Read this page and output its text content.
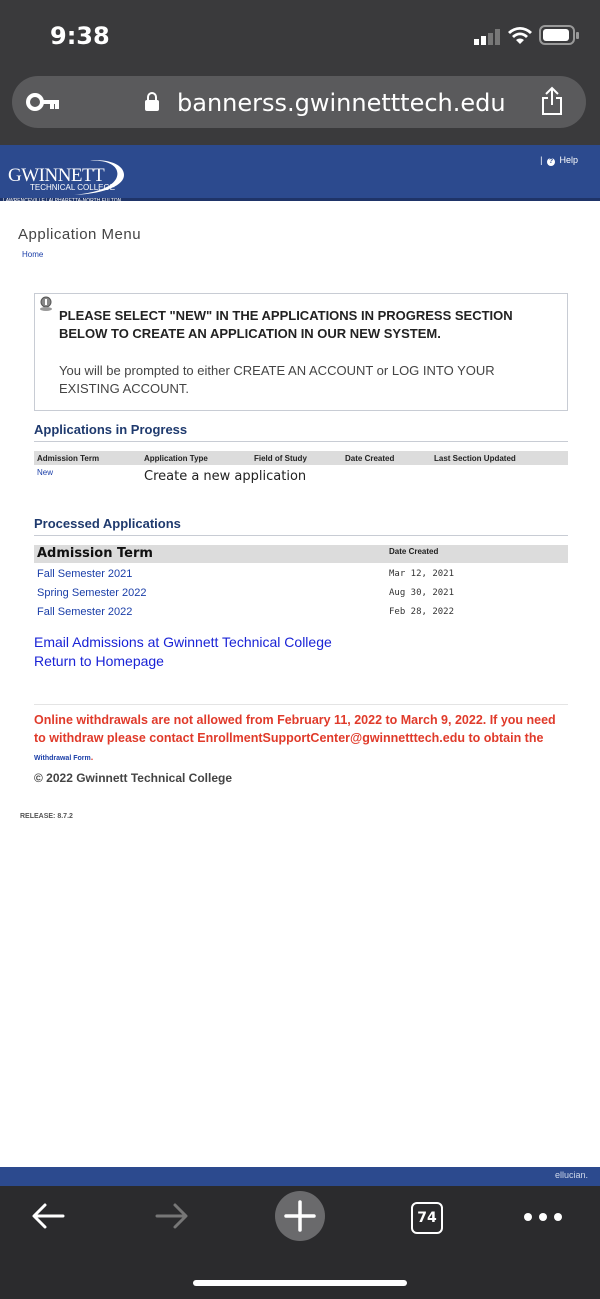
9:38
bannerss.gwinnetttech.edu
GWINNETT
TECHNICAL COLLEGE
| ? Help
Application Menu
Home
PLEASE SELECT "NEW" IN THE APPLICATIONS IN PROGRESS SECTION BELOW TO CREATE AN APPLICATION IN OUR NEW SYSTEM.
You will be prompted to either CREATE AN ACCOUNT or LOG INTO YOUR EXISTING ACCOUNT.
Applications in Progress
Admission Term	Application Type	Field of Study	Date Created	Last Section Updated
New	Create a new application
Processed Applications
Admission Term	Date Created
Fall Semester 2021	Mar 12, 2021
Spring Semester 2022	Aug 30, 2021
Fall Semester 2022	Feb 28, 2022
Email Admissions at Gwinnett Technical College
Return to Homepage
Online withdrawals are not allowed from February 11, 2022 to March 9, 2022. If you need to withdraw please contact EnrollmentSupportCenter@gwinnetttech.edu to obtain the Withdrawal Form.
© 2022 Gwinnett Technical College
RELEASE: 8.7.2
ellucian.
74
